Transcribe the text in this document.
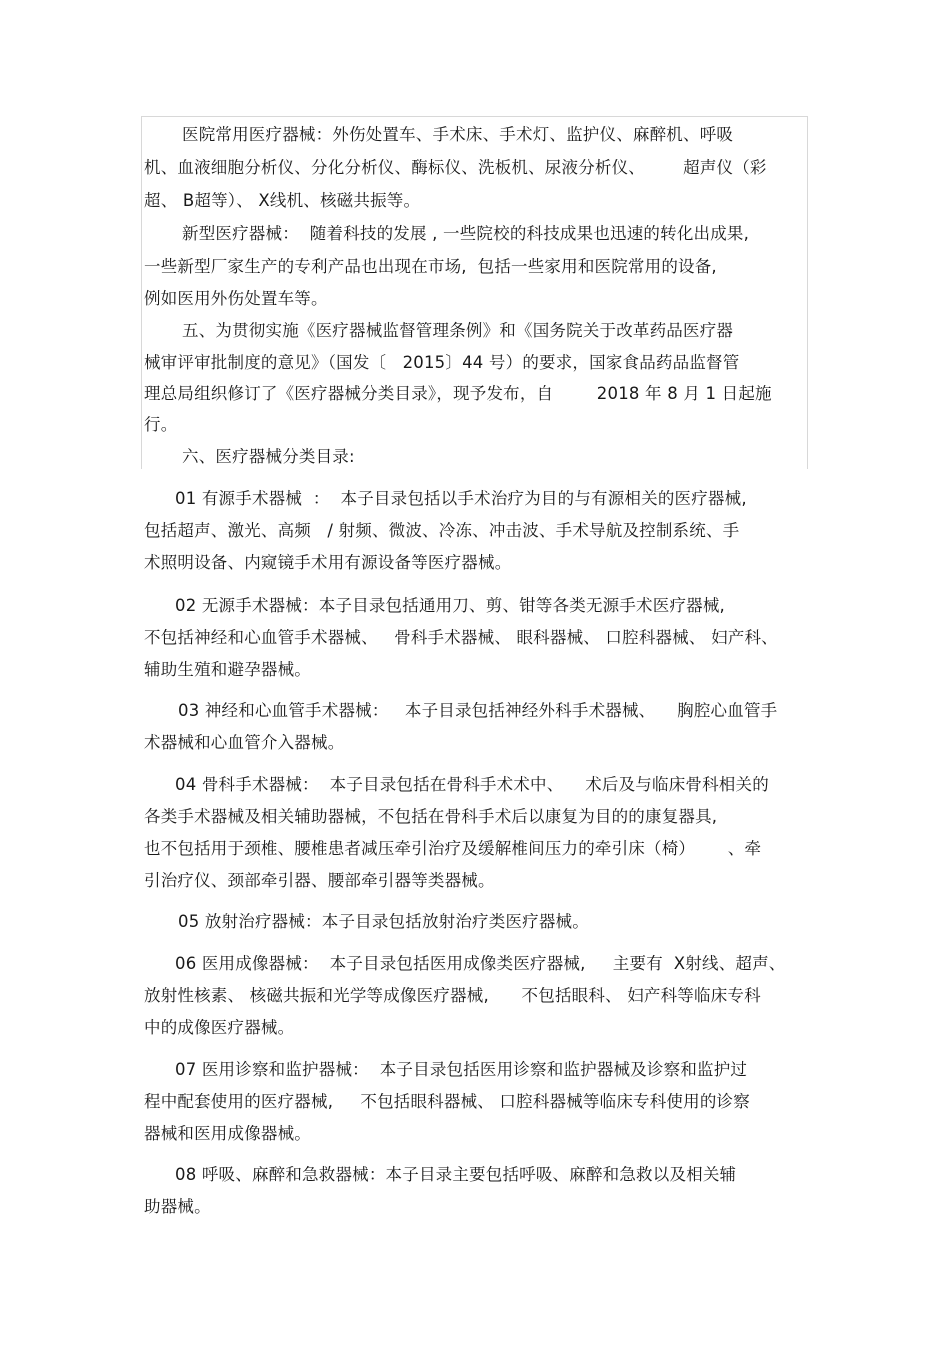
医院常用医疗器械：外伤处置车、手术床、手术灯、监护仪、麻醉机、呼吸
机、血液细胞分析仪、分化分析仪、酶标仪、洗板机、尿液分析仪、       超声仪（彩
超、 B超等）、 X线机、核磁共振等。
新型医疗器械：  随着科技的发展 , 一些院校的科技成果也迅速的转化出成果,
一些新型厂家生产的专利产品也出现在市场,  包括一些家用和医院常用的设备,
例如医用外伤处置车等。
五、为贯彻实施《医疗器械监督管理条例》和《国务院关于改革药品医疗器
械审评审批制度的意见》（国发〔   2015〕44 号）的要求，国家食品药品监督管
理总局组织修订了《医疗器械分类目录》，现予发布，自        2018 年 8 月 1 日起施
行。
六、医疗器械分类目录:
01 有源手术器械  ：  本子目录包括以手术治疗为目的与有源相关的医疗器械,
包括超声、激光、高频   / 射频、微波、冷冻、冲击波、手术导航及控制系统、手
术照明设备、内窥镜手术用有源设备等医疗器械。
02 无源手术器械：本子目录包括通用刀、剪、钳等各类无源手术医疗器械,
不包括神经和心血管手术器械、   骨科手术器械、 眼科器械、 口腔科器械、 妇产科、
辅助生殖和避孕器械。
03 神经和心血管手术器械：   本子目录包括神经外科手术器械、    胸腔心血管手
术器械和心血管介入器械。
04 骨科手术器械：  本子目录包括在骨科手术术中、    术后及与临床骨科相关的
各类手术器械及相关辅助器械，不包括在骨科手术后以康复为目的的康复器具,
也不包括用于颈椎、腰椎患者减压牵引治疗及缓解椎间压力的牵引床（椅）      、牵
引治疗仪、颈部牵引器、腰部牵引器等类器械。
05 放射治疗器械：本子目录包括放射治疗类医疗器械。
06 医用成像器械：  本子目录包括医用成像类医疗器械,     主要有  X射线、超声、
放射性核素、 核磁共振和光学等成像医疗器械,      不包括眼科、 妇产科等临床专科
中的成像医疗器械。
07 医用诊察和监护器械：  本子目录包括医用诊察和监护器械及诊察和监护过
程中配套使用的医疗器械,     不包括眼科器械、 口腔科器械等临床专科使用的诊察
器械和医用成像器械。
08 呼吸、麻醉和急救器械：本子目录主要包括呼吸、麻醉和急救以及相关辅
助器械。
